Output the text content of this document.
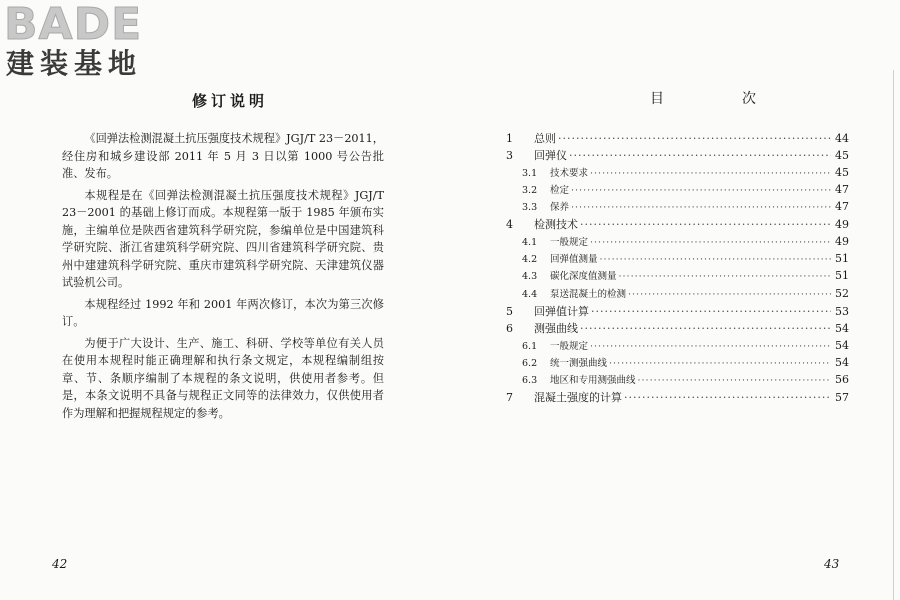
BADE
建装基地
修订说明

《回弹法检测混凝土抗压强度技术规程》JGJ/T 23－2011，经住房和城乡建设部 2011 年 5 月 3 日以第 1000 号公告批准、发布。

本规程是在《回弹法检测混凝土抗压强度技术规程》JGJ/T 23－2001 的基础上修订而成。本规程第一版于 1985 年颁布实施，主编单位是陕西省建筑科学研究院，参编单位是中国建筑科学研究院、浙江省建筑科学研究院、四川省建筑科学研究院、贵州中建建筑科学研究院、重庆市建筑科学研究院、天津建筑仪器试验机公司。

本规程经过 1992 年和 2001 年两次修订，本次为第三次修订。

为便于广大设计、生产、施工、科研、学校等单位有关人员在使用本规程时能正确理解和执行条文规定，本规程编制组按章、节、条顺序编制了本规程的条文说明，供使用者参考。但是，本条文说明不具备与规程正文同等的法律效力，仅供使用者作为理解和把握规程规定的参考。

42
目　次
1	总则 ·····	44
3	回弹仪 ·····	45
3.1	技术要求 ·····	45
3.2	检定 ·····	47
3.3	保养 ·····	47
4	检测技术 ·····	49
4.1	一般规定 ·····	49
4.2	回弹值测量 ·····	51
4.3	碳化深度值测量 ·····	51
4.4	泵送混凝土的检测 ·····	52
5	回弹值计算 ·····	53
6	测强曲线 ·····	54
6.1	一般规定 ·····	54
6.2	统一测强曲线 ·····	54
6.3	地区和专用测强曲线 ·····	56
7	混凝土强度的计算 ·····	57
43
